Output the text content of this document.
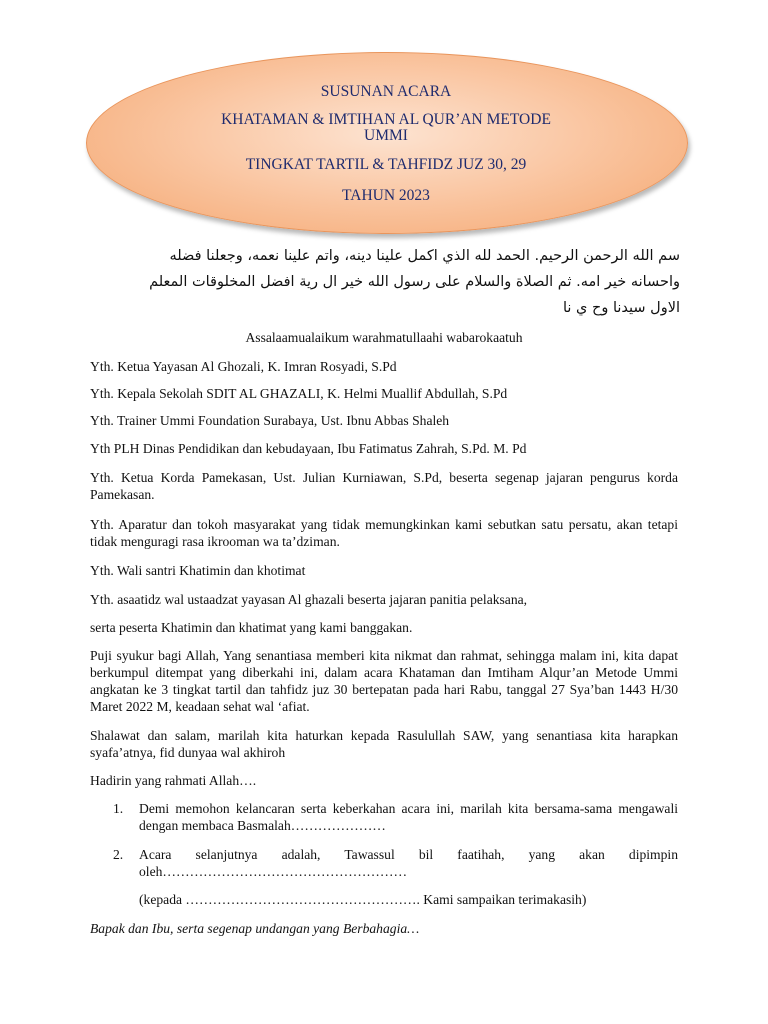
SUSUNAN ACARA
KHATAMAN & IMTIHAN AL QUR’AN METODE
UMMI
TINGKAT TARTIL & TAHFIDZ JUZ 30, 29
TAHUN 2023
سم الله الرحمن الرحيم. الحمد لله الذي اكمل علينا دينه، واتم علينا نعمه، وجعلنا فضله
واحسانه خير امه. ثم الصلاة والسلام على رسول الله خير ال رية افضل المخلوقات المعلم
الاول سيدنا وح ي نا
Assalaamualaikum warahmatullaahi wabarokaatuh
Yth. Ketua Yayasan Al Ghozali, K. Imran Rosyadi, S.Pd
Yth. Kepala Sekolah SDIT AL GHAZALI, K. Helmi Muallif Abdullah, S.Pd
Yth. Trainer Ummi Foundation Surabaya, Ust. Ibnu Abbas Shaleh
Yth PLH Dinas Pendidikan dan kebudayaan, Ibu Fatimatus Zahrah, S.Pd. M. Pd
Yth. Ketua Korda Pamekasan, Ust. Julian Kurniawan, S.Pd, beserta segenap jajaran pengurus korda Pamekasan.
Yth. Aparatur dan tokoh masyarakat yang tidak memungkinkan kami sebutkan satu persatu, akan tetapi tidak menguragi rasa ikrooman wa ta’dziman.
Yth. Wali santri Khatimin dan khotimat
Yth. asaatidz wal ustaadzat yayasan Al ghazali beserta jajaran panitia pelaksana,
serta peserta Khatimin dan khatimat yang kami banggakan.
Puji syukur bagi Allah, Yang senantiasa memberi kita nikmat dan rahmat, sehingga malam ini, kita dapat berkumpul ditempat yang diberkahi ini, dalam acara Khataman dan Imtiham Alqur’an Metode Ummi angkatan ke 3 tingkat tartil dan tahfidz juz 30 bertepatan pada hari Rabu, tanggal 27 Sya’ban 1443 H/30 Maret 2022 M, keadaan sehat wal ‘afiat.
Shalawat dan salam, marilah kita haturkan kepada Rasulullah SAW, yang senantiasa kita harapkan syafa’atnya, fid dunyaa wal akhiroh
Hadirin yang rahmati Allah….
1.	Demi memohon kelancaran serta keberkahan acara ini, marilah kita bersama-sama mengawali dengan membaca Basmalah…………………
2.	Acara selanjutnya adalah, Tawassul bil faatihah, yang akan dipimpin oleh………………………………………………
(kepada ……………………………………………. Kami sampaikan terimakasih)
Bapak dan Ibu, serta segenap undangan yang Berbahagia…
